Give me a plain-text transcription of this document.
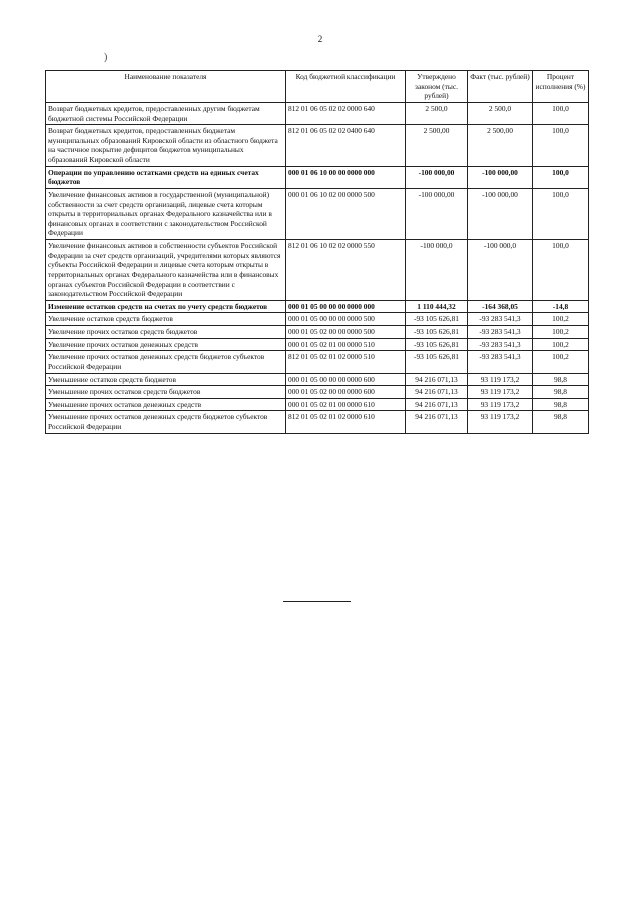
2
)
Наименование показателя	Код бюджетной классификации	Утверждено законом (тыс. рублей)	Факт (тыс. рублей)	Процент исполнения (%)
Возврат бюджетных кредитов, предоставленных другим бюджетам бюджетной системы Российской Федерации	812 01 06 05 02 02 0000 640	2 500,0	2 500,0	100,0
Возврат бюджетных кредитов, предоставленных бюджетам муниципальных образований Кировской области из областного бюджета на частичное покрытие дефицитов бюджетов муниципальных образований Кировской области	812 01 06 05 02 02 0400 640	2 500,00	2 500,00	100,0
Операции по управлению остатками средств на единых счетах бюджетов	000 01 06 10 00 00 0000 000	-100 000,00	-100 000,00	100,0
Увеличение финансовых активов в государственной (муниципальной) собственности за счет средств организаций, лицевые счета которым открыты в территориальных органах Федерального казначейства или в финансовых органах в соответствии с законодательством Российской Федерации	000 01 06 10 02 00 0000 500	-100 000,00	-100 000,00	100,0
Увеличение финансовых активов в собственности субъектов Российской Федерации за счет средств организаций, учредителями которых являются субъекты Российской Федерации и лицевые счета которым открыты в территориальных органах Федерального казначейства или в финансовых органах субъектов Российской Федерации в соответствии с законодательством Российской Федерации	812 01 06 10 02 02 0000 550	-100 000,0	-100 000,0	100,0
Изменение остатков средств на счетах по учету средств бюджетов	000 01 05 00 00 00 0000 000	1 110 444,32	-164 368,05	-14,8
Увеличение остатков средств бюджетов	000 01 05 00 00 00 0000 500	-93 105 626,81	-93 283 541,3	100,2
Увеличение прочих остатков средств бюджетов	000 01 05 02 00 00 0000 500	-93 105 626,81	-93 283 541,3	100,2
Увеличение прочих остатков денежных средств	000 01 05 02 01 00 0000 510	-93 105 626,81	-93 283 541,3	100,2
Увеличение прочих остатков денежных средств бюджетов субъектов Российской Федерации	812 01 05 02 01 02 0000 510	-93 105 626,81	-93 283 541,3	100,2
Уменьшение остатков средств бюджетов	000 01 05 00 00 00 0000 600	94 216 071,13	93 119 173,2	98,8
Уменьшение прочих остатков средств бюджетов	000 01 05 02 00 00 0000 600	94 216 071,13	93 119 173,2	98,8
Уменьшение прочих остатков денежных средств	000 01 05 02 01 00 0000 610	94 216 071,13	93 119 173,2	98,8
Уменьшение прочих остатков денежных средств бюджетов субъектов Российской Федерации	812 01 05 02 01 02 0000 610	94 216 071,13	93 119 173,2	98,8
